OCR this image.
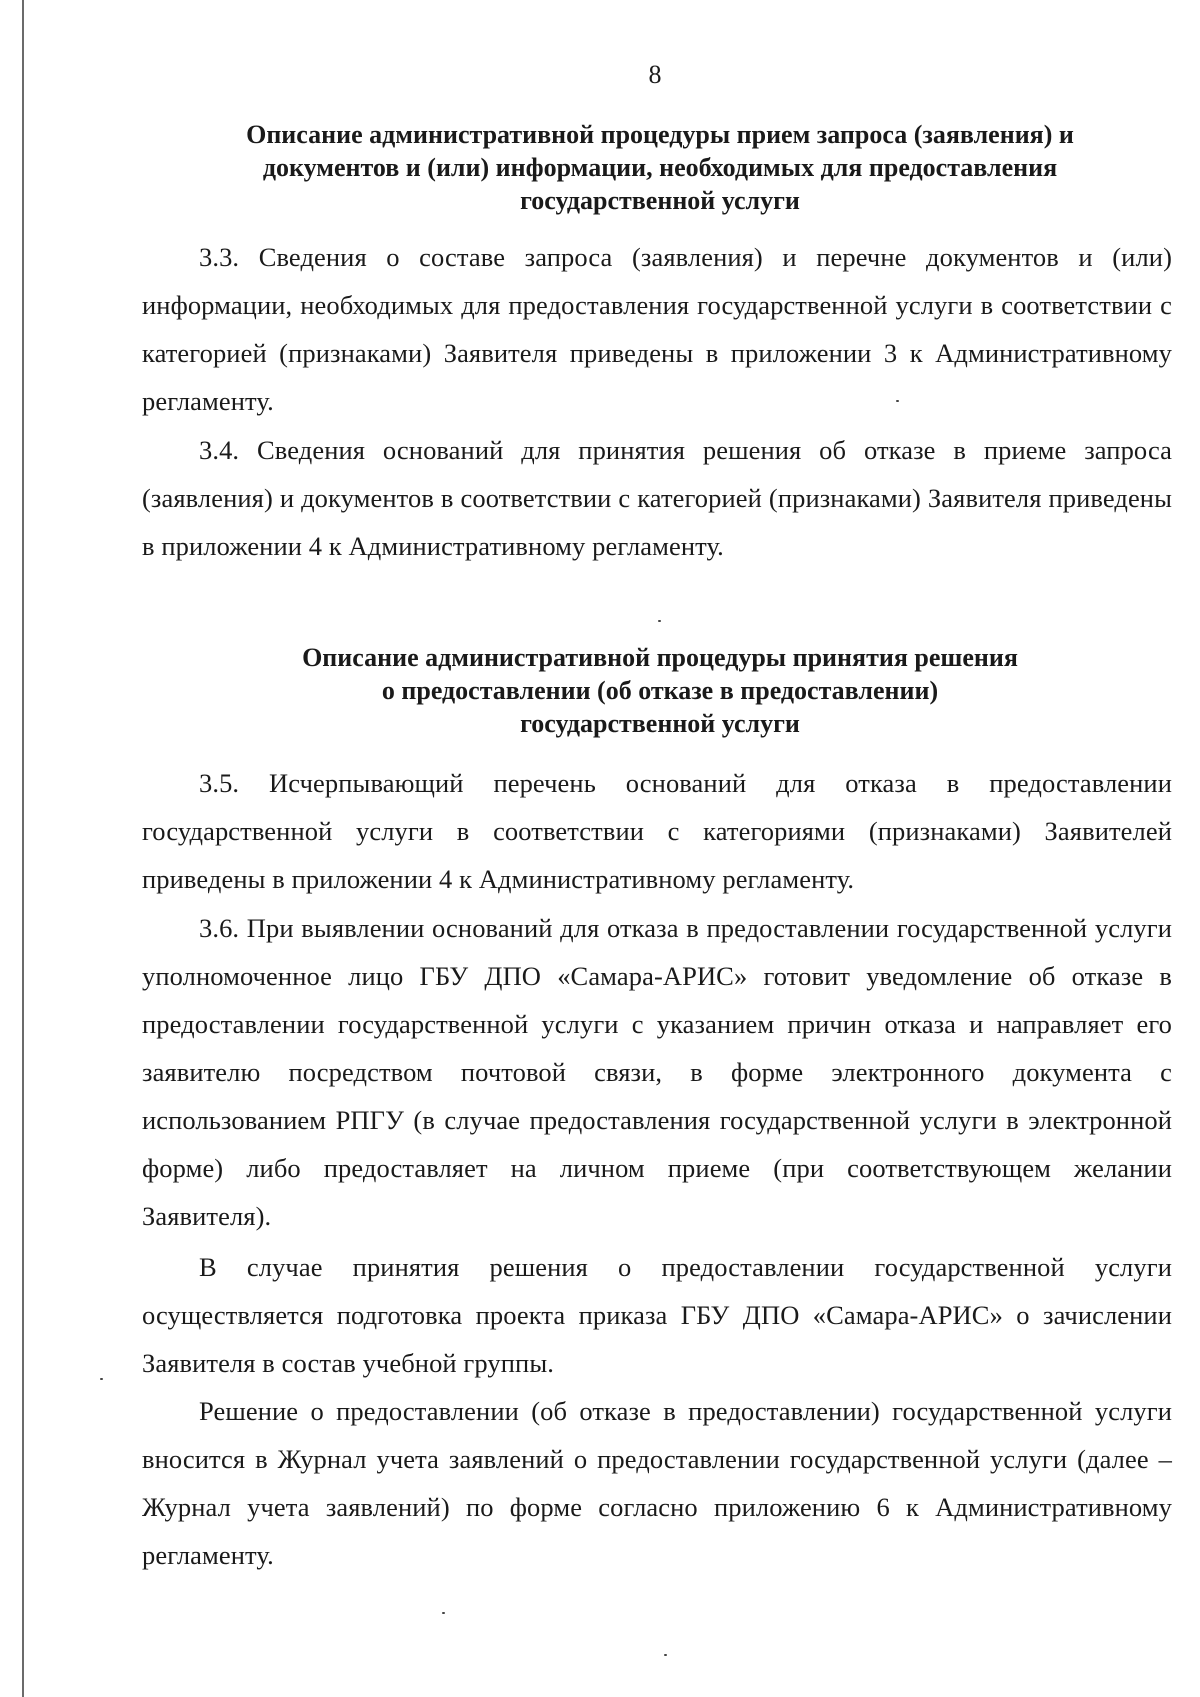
8
Описание административной процедуры прием запроса (заявления) и
документов и (или) информации, необходимых для предоставления
государственной услуги

3.3. Сведения о составе запроса (заявления) и перечне документов и (или) информации, необходимых для предоставления государственной услуги в соответствии с категорией (признаками) Заявителя приведены в приложении 3 к Административному регламенту.

3.4. Сведения оснований для принятия решения об отказе в приеме запроса (заявления) и документов в соответствии с категорией (признаками) Заявителя приведены в приложении 4 к Административному регламенту.

Описание административной процедуры принятия решения
о предоставлении (об отказе в предоставлении)
государственной услуги

3.5. Исчерпывающий перечень оснований для отказа в предоставлении государственной услуги в соответствии с категориями (признаками) Заявителей приведены в приложении 4 к Административному регламенту.

3.6. При выявлении оснований для отказа в предоставлении государственной услуги уполномоченное лицо ГБУ ДПО «Самара-АРИС» готовит уведомление об отказе в предоставлении государственной услуги с указанием причин отказа и направляет его заявителю посредством почтовой связи, в форме электронного документа с использованием РПГУ (в случае предоставления государственной услуги в электронной форме) либо предоставляет на личном приеме (при соответствующем желании Заявителя).

В случае принятия решения о предоставлении государственной услуги осуществляется подготовка проекта приказа ГБУ ДПО «Самара-АРИС» о зачислении Заявителя в состав учебной группы.

Решение о предоставлении (об отказе в предоставлении) государственной услуги вносится в Журнал учета заявлений о предоставлении государственной услуги (далее – Журнал учета заявлений) по форме согласно приложению 6 к Административному регламенту.
